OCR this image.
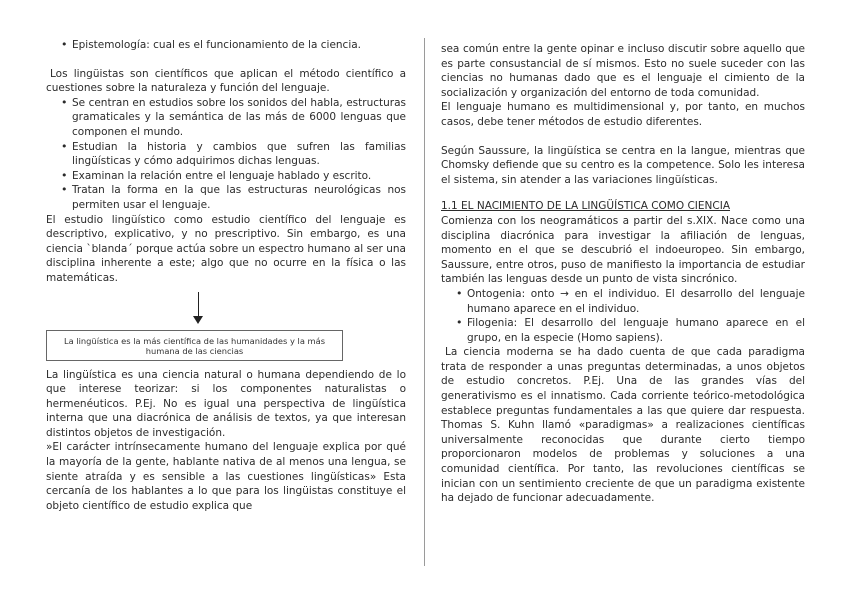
• Epistemología: cual es el funcionamiento de la ciencia.

Los lingüistas son científicos que aplican el método científico a cuestiones sobre la naturaleza y función del lenguaje.

• Se centran en estudios sobre los sonidos del habla, estructuras gramaticales y la semántica de las más de 6000 lenguas que componen el mundo.
• Estudian la historia y cambios que sufren las familias lingüísticas y cómo adquirimos dichas lenguas.
• Examinan la relación entre el lenguaje hablado y escrito.
• Tratan la forma en la que las estructuras neurológicas nos permiten usar el lenguaje.

El estudio lingüístico como estudio científico del lenguaje es descriptivo, explicativo, y no prescriptivo. Sin embargo, es una ciencia `blanda´ porque actúa sobre un espectro humano al ser una disciplina inherente a este; algo que no ocurre en la física o las matemáticas.

La lingüística es la más científica de las humanidades y la más humana de las ciencias

La lingüística es una ciencia natural o humana dependiendo de lo que interese teorizar: si los componentes naturalistas o hermenéuticos. P.Ej. No es igual una perspectiva de lingüística interna que una diacrónica de análisis de textos, ya que interesan distintos objetos de investigación.

»El carácter intrínsecamente humano del lenguaje explica por qué la mayoría de la gente, hablante nativa de al menos una lengua, se siente atraída y es sensible a las cuestiones lingüísticas» Esta cercanía de los hablantes a lo que para los lingüistas constituye el objeto científico de estudio explica que

sea común entre la gente opinar e incluso discutir sobre aquello que es parte consustancial de sí mismos. Esto no suele suceder con las ciencias no humanas dado que es el lenguaje el cimiento de la socialización y organización del entorno de toda comunidad.

El lenguaje humano es multidimensional y, por tanto, en muchos casos, debe tener métodos de estudio diferentes.

Según Saussure, la lingüística se centra en la langue, mientras que Chomsky defiende que su centro es la competence. Solo les interesa el sistema, sin atender a las variaciones lingüísticas.

1.1 EL NACIMIENTO DE LA LINGÜÍSTICA COMO CIENCIA

Comienza con los neogramáticos a partir del s.XIX. Nace como una disciplina diacrónica para investigar la afiliación de lenguas, momento en el que se descubrió el indoeuropeo. Sin embargo, Saussure, entre otros, puso de manifiesto la importancia de estudiar también las lenguas desde un punto de vista sincrónico.

• Ontogenia: onto → en el individuo. El desarrollo del lenguaje humano aparece en el individuo.
• Filogenia: El desarrollo del lenguaje humano aparece en el grupo, en la especie (Homo sapiens).

La ciencia moderna se ha dado cuenta de que cada paradigma trata de responder a unas preguntas determinadas, a unos objetos de estudio concretos. P.Ej. Una de las grandes vías del generativismo es el innatismo. Cada corriente teórico-metodológica establece preguntas fundamentales a las que quiere dar respuesta. Thomas S. Kuhn llamó «paradigmas» a realizaciones científicas universalmente reconocidas que durante cierto tiempo proporcionaron modelos de problemas y soluciones a una comunidad científica. Por tanto, las revoluciones científicas se inician con un sentimiento creciente de que un paradigma existente ha dejado de funcionar adecuadamente.
